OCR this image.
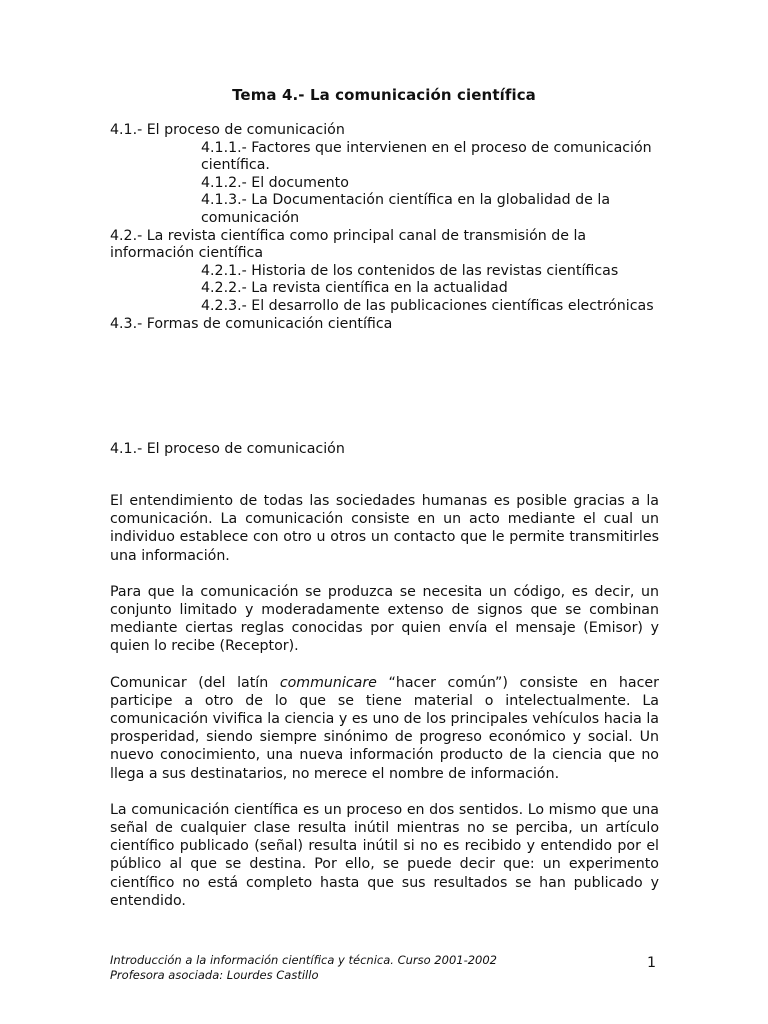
Tema 4.- La comunicación científica
4.1.- El proceso de comunicación
4.1.1.- Factores que intervienen en el proceso de comunicación científica.
4.1.2.- El documento
4.1.3.- La Documentación científica en la globalidad de la comunicación
4.2.- La revista científica como principal canal de transmisión de la información científica
4.2.1.- Historia de los contenidos de las revistas científicas
4.2.2.- La revista científica en la actualidad
4.2.3.- El desarrollo de las publicaciones científicas electrónicas
4.3.- Formas de comunicación científica
4.1.- El proceso de comunicación

El entendimiento de todas las sociedades humanas es posible gracias a la comunicación. La comunicación consiste en un acto mediante el cual un individuo establece con otro u otros un contacto que le permite transmitirles una información.

Para que la comunicación se produzca se necesita un código, es decir, un conjunto limitado y moderadamente extenso de signos que se combinan mediante ciertas reglas conocidas por quien envía el mensaje (Emisor) y quien lo recibe (Receptor).

Comunicar (del latín communicare “hacer común”) consiste en hacer participe a otro de lo que se tiene material o intelectualmente. La comunicación vivifica la ciencia y es uno de los principales vehículos hacia la prosperidad, siendo siempre sinónimo de progreso económico y social. Un nuevo conocimiento, una nueva información producto de la ciencia que no llega a sus destinatarios, no merece el nombre de información.

La comunicación científica es un proceso en dos sentidos. Lo mismo que una señal de cualquier clase resulta inútil mientras no se perciba, un artículo científico publicado (señal) resulta inútil si no es recibido y entendido por el público al que se destina. Por ello, se puede decir que: un experimento científico no está completo hasta que sus resultados se han publicado y entendido.

Introducción a la información científica y técnica. Curso 2001-2002
Profesora asociada: Lourdes Castillo
1
